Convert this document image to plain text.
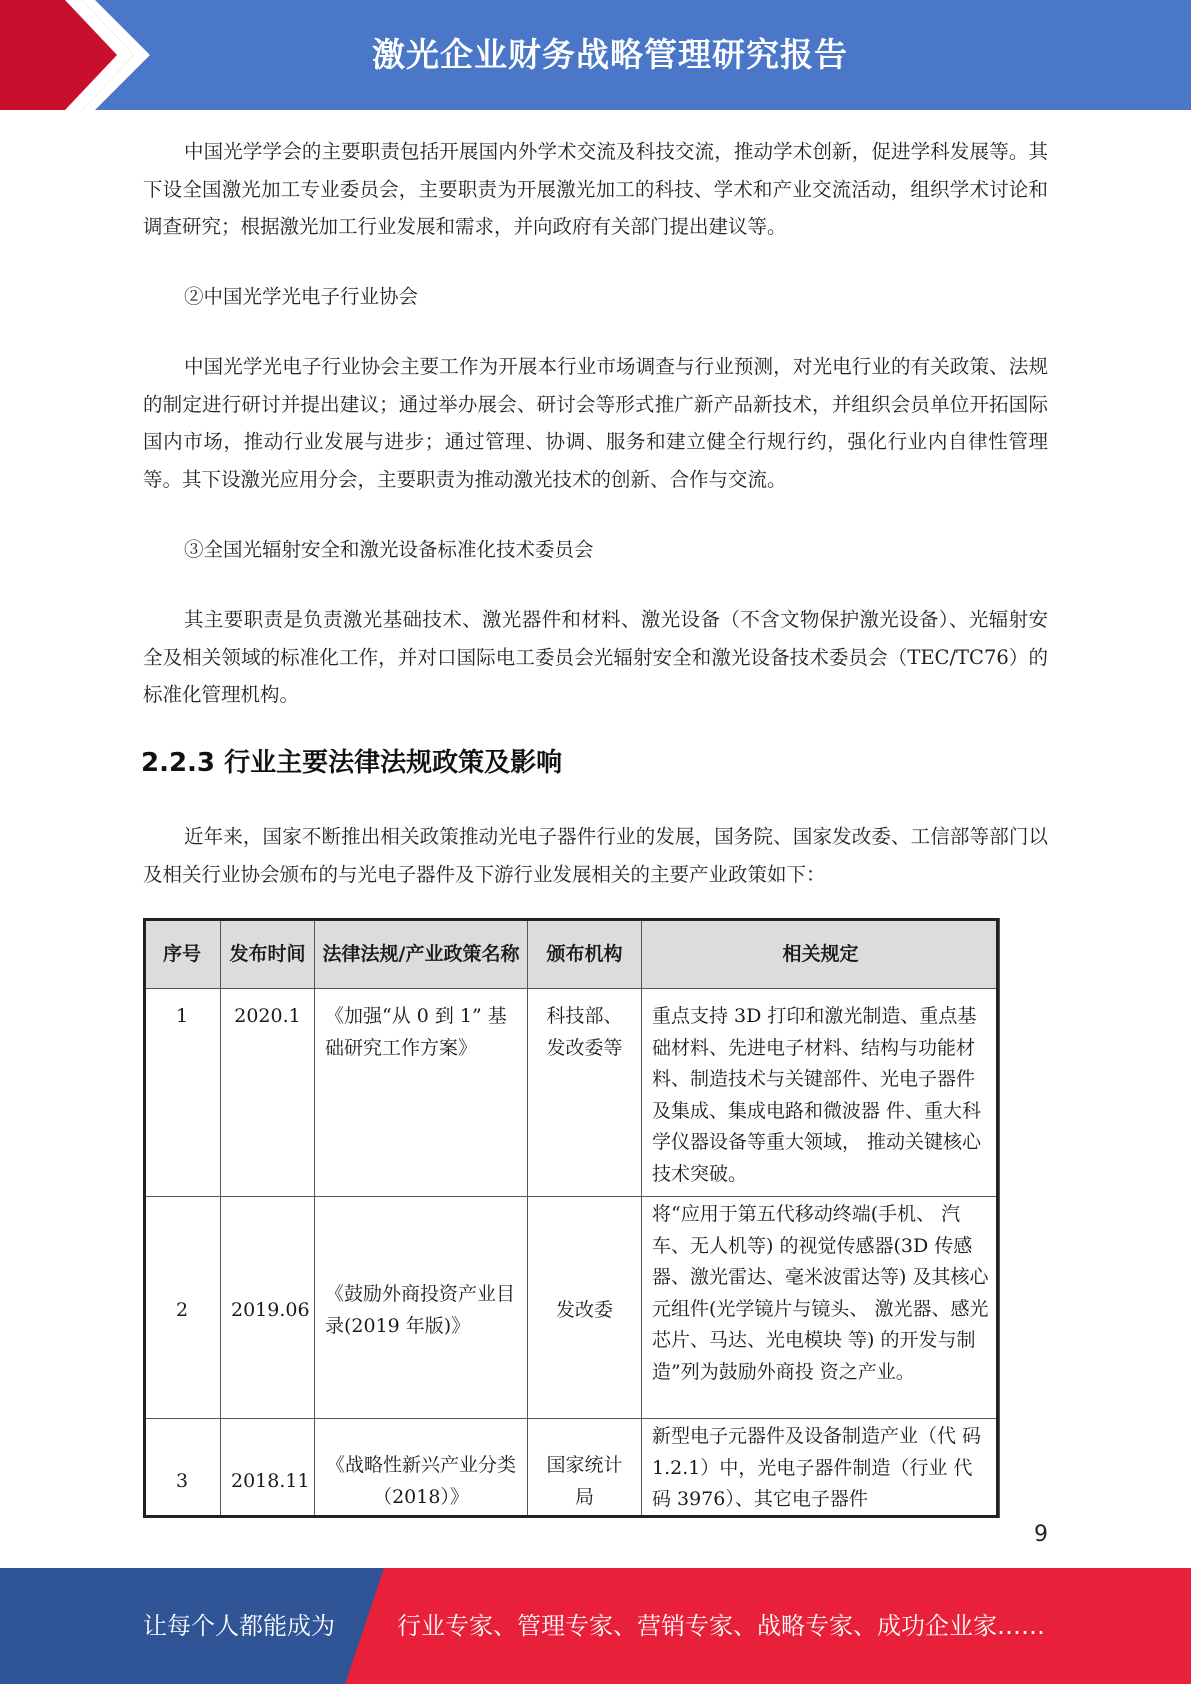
激光企业财务战略管理研究报告

中国光学学会的主要职责包括开展国内外学术交流及科技交流，推动学术创新，促进学科发展等。其下设全国激光加工专业委员会，主要职责为开展激光加工的科技、学术和产业交流活动，组织学术讨论和调查研究；根据激光加工行业发展和需求，并向政府有关部门提出建议等。

②中国光学光电子行业协会

中国光学光电子行业协会主要工作为开展本行业市场调查与行业预测，对光电行业的有关政策、法规的制定进行研讨并提出建议；通过举办展会、研讨会等形式推广新产品新技术，并组织会员单位开拓国际国内市场，推动行业发展与进步；通过管理、协调、服务和建立健全行规行约，强化行业内自律性管理等。其下设激光应用分会，主要职责为推动激光技术的创新、合作与交流。

③全国光辐射安全和激光设备标准化技术委员会

其主要职责是负责激光基础技术、激光器件和材料、激光设备（不含文物保护激光设备）、光辐射安全及相关领域的标准化工作，并对口国际电工委员会光辐射安全和激光设备技术委员会（TEC/TC76）的标准化管理机构。

2.2.3 行业主要法律法规政策及影响

近年来，国家不断推出相关政策推动光电子器件行业的发展，国务院、国家发改委、工信部等部门以及相关行业协会颁布的与光电子器件及下游行业发展相关的主要产业政策如下：

序号	发布时间	法律法规/产业政策名称	颁布机构	相关规定
1	2020.1	《加强“从 0 到 1” 基础研究工作方案》	科技部、发改委等	重点支持 3D 打印和激光制造、重点基础材料、先进电子材料、结构与功能材料、制造技术与关键部件、光电子器件及集成、集成电路和微波器 件、重大科学仪器设备等重大领域， 推动关键核心技术突破。
2	2019.06	《鼓励外商投资产业目录(2019 年版)》	发改委	将“应用于第五代移动终端(手机、 汽车、无人机等) 的视觉传感器(3D 传感器、激光雷达、毫米波雷达等) 及其核心元组件(光学镜片与镜头、 激光器、感光芯片、马达、光电模块 等) 的开发与制造”列为鼓励外商投 资之产业。
3	2018.11	《战略性新兴产业分类（2018）》	国家统计局	新型电子元器件及设备制造产业（代 码 1.2.1）中，光电子器件制造（行业 代码 3976）、其它电子器件
9
让每个人都能成为	行业专家、管理专家、营销专家、战略专家、成功企业家……
